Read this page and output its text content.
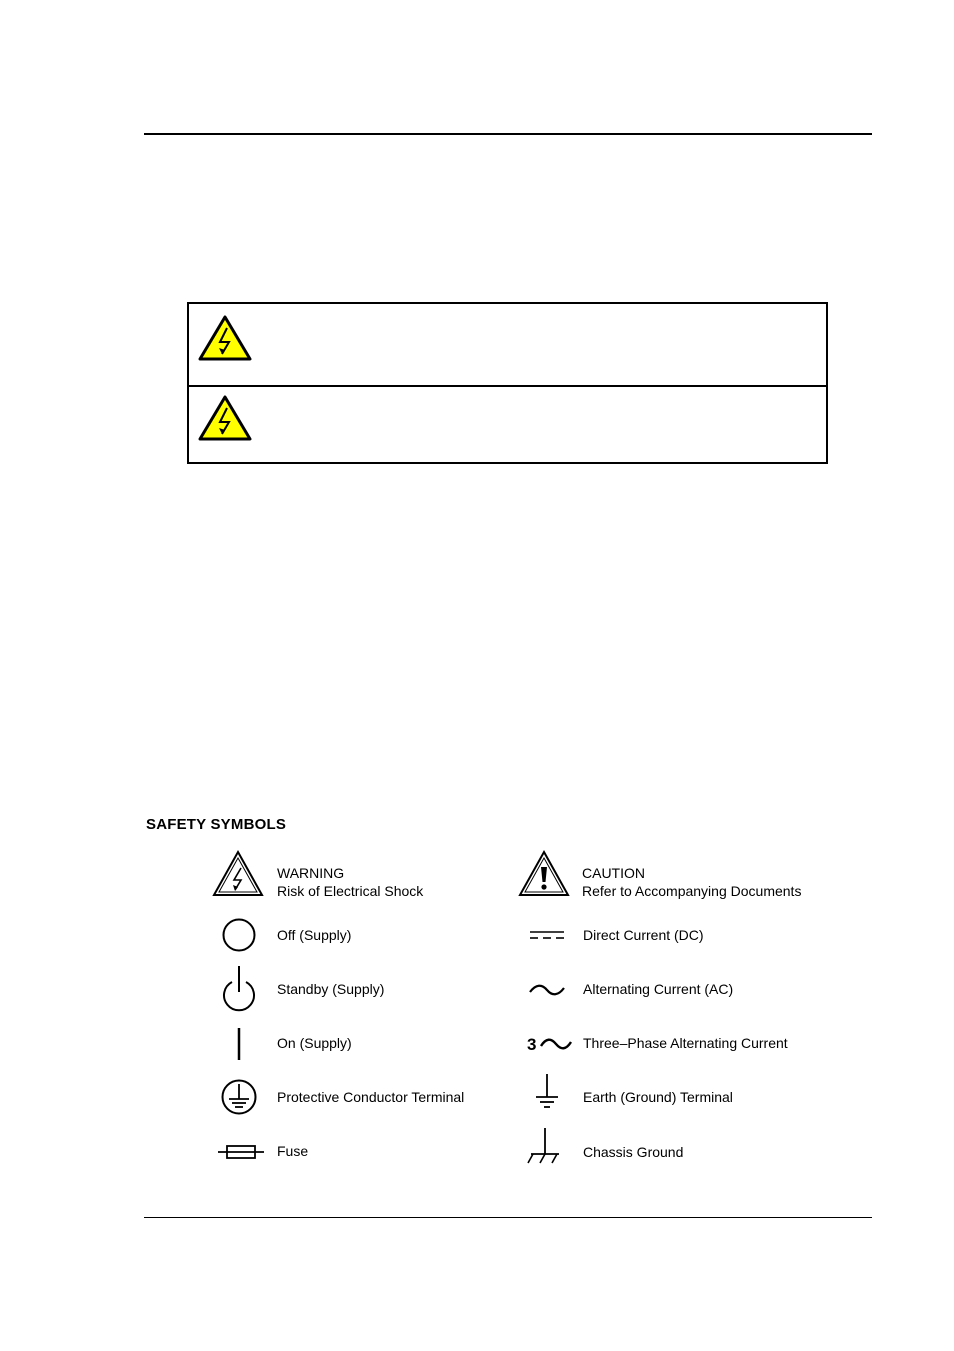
SAFETY SYMBOLS
WARNING
Risk of Electrical Shock
Off (Supply)
Standby (Supply)
On (Supply)
Protective Conductor Terminal
Fuse
CAUTION
Refer to Accompanying Documents
Direct Current (DC)
Alternating Current (AC)
3	Three–Phase Alternating Current
Earth (Ground) Terminal
Chassis Ground
